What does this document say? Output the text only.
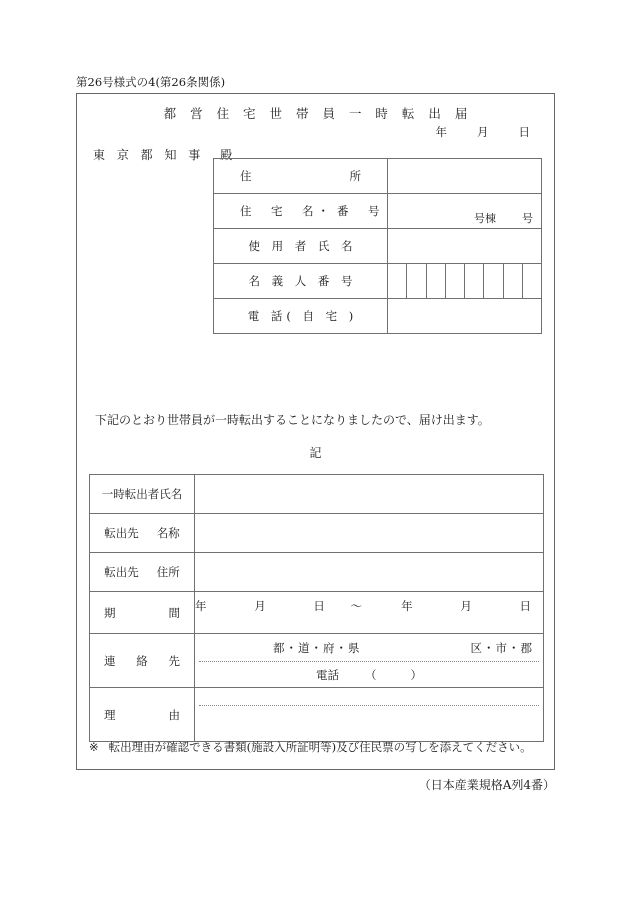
第26号様式の4(第26条関係)
都 営 住 宅 世 帯 員 一 時 転 出 届
年	月	日
東 京 都 知 事　殿
住 所	

住　宅　名・ 番　号	号棟 号

使 用 者 氏 名	
名 義 人 番 号	

電 話( 自 宅 )	
下記のとおり世帯員が一時転出することになりましたので、届け出ます。
記
一時転出者氏名	

転出先 名称	

転出先 住所	

期	間	年	月	日 ～	年	月	日

連 絡 先	都・道・府・県 区・市・郡
電話 （ ）

理 由	

※ 転出理由が確認できる書類(施設入所証明等)及び住民票の写しを添えてください。
（日本産業規格A列4番）
